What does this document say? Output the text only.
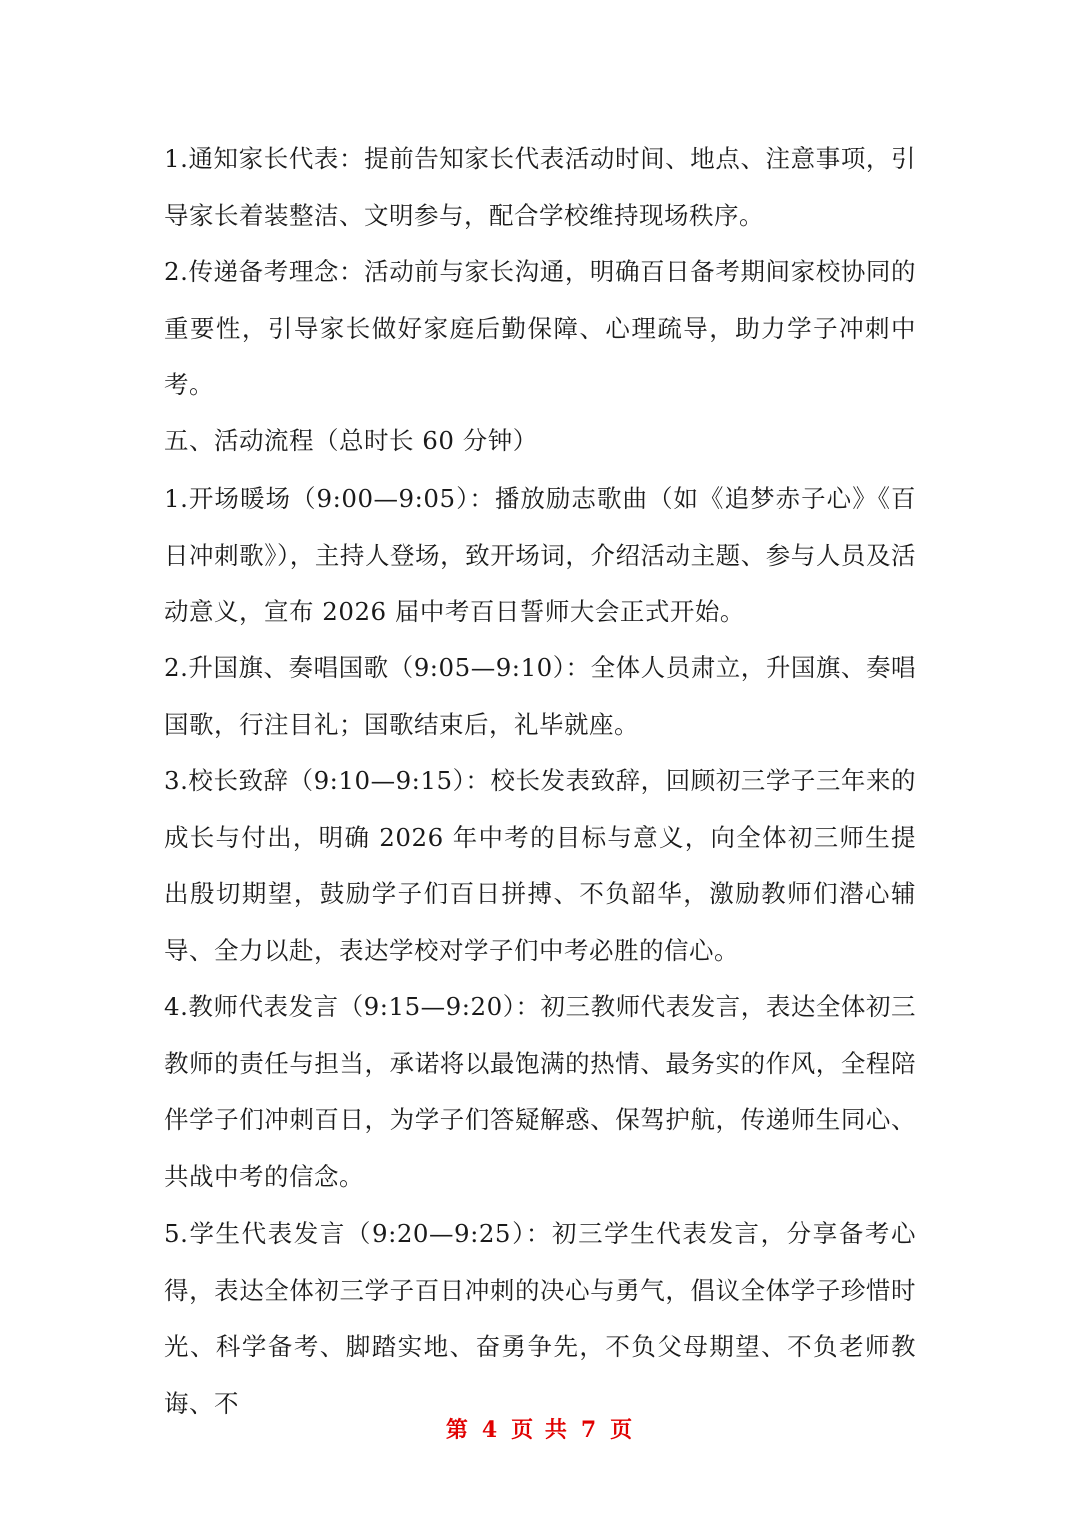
1.通知家长代表：提前告知家长代表活动时间、地点、注意事项，引导家长着装整洁、文明参与，配合学校维持现场秩序。

2.传递备考理念：活动前与家长沟通，明确百日备考期间家校协同的重要性，引导家长做好家庭后勤保障、心理疏导，助力学子冲刺中考。

五、活动流程（总时长 60 分钟）

1.开场暖场（9:00—9:05）：播放励志歌曲（如《追梦赤子心》《百日冲刺歌》），主持人登场，致开场词，介绍活动主题、参与人员及活动意义，宣布 2026 届中考百日誓师大会正式开始。

2.升国旗、奏唱国歌（9:05—9:10）：全体人员肃立，升国旗、奏唱国歌，行注目礼；国歌结束后，礼毕就座。

3.校长致辞（9:10—9:15）：校长发表致辞，回顾初三学子三年来的成长与付出，明确 2026 年中考的目标与意义，向全体初三师生提出殷切期望，鼓励学子们百日拼搏、不负韶华，激励教师们潜心辅导、全力以赴，表达学校对学子们中考必胜的信心。

4.教师代表发言（9:15—9:20）：初三教师代表发言，表达全体初三教师的责任与担当，承诺将以最饱满的热情、最务实的作风，全程陪伴学子们冲刺百日，为学子们答疑解惑、保驾护航，传递师生同心、共战中考的信念。

5.学生代表发言（9:20—9:25）：初三学生代表发言，分享备考心得，表达全体初三学子百日冲刺的决心与勇气，倡议全体学子珍惜时光、科学备考、脚踏实地、奋勇争先，不负父母期望、不负老师教诲、不

第 4 页 共 7 页
